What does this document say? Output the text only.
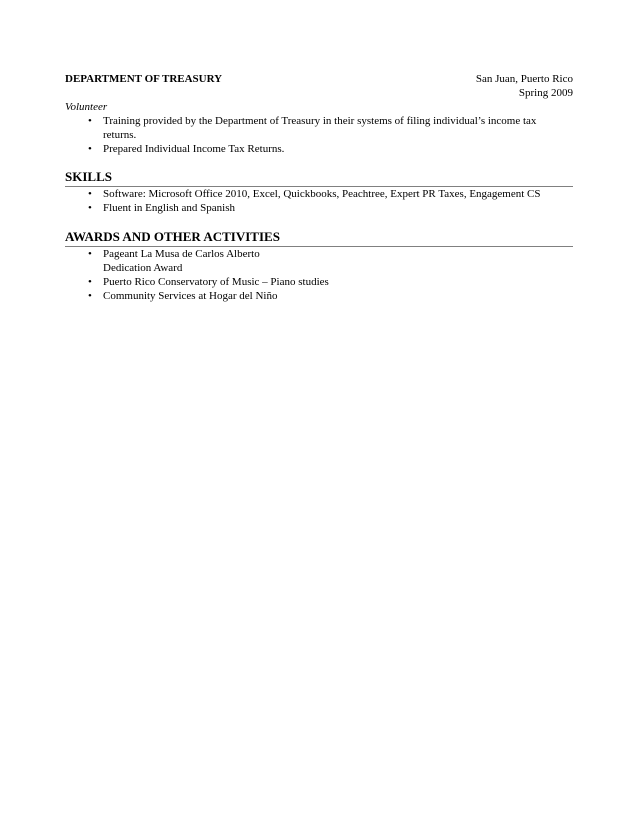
DEPARTMENT OF TREASURY	San Juan, Puerto Rico
Spring 2009
Volunteer
•	Training provided by the Department of Treasury in their systems of filing individual’s income tax
returns.
•	Prepared Individual Income Tax Returns.
SKILLS
•	Software: Microsoft Office 2010, Excel, Quickbooks, Peachtree, Expert PR Taxes, Engagement CS
•	Fluent in English and Spanish
AWARDS AND OTHER ACTIVITIES
•	Pageant La Musa de Carlos Alberto
Dedication Award
•	Puerto Rico Conservatory of Music – Piano studies
•	Community Services at Hogar del Niño
